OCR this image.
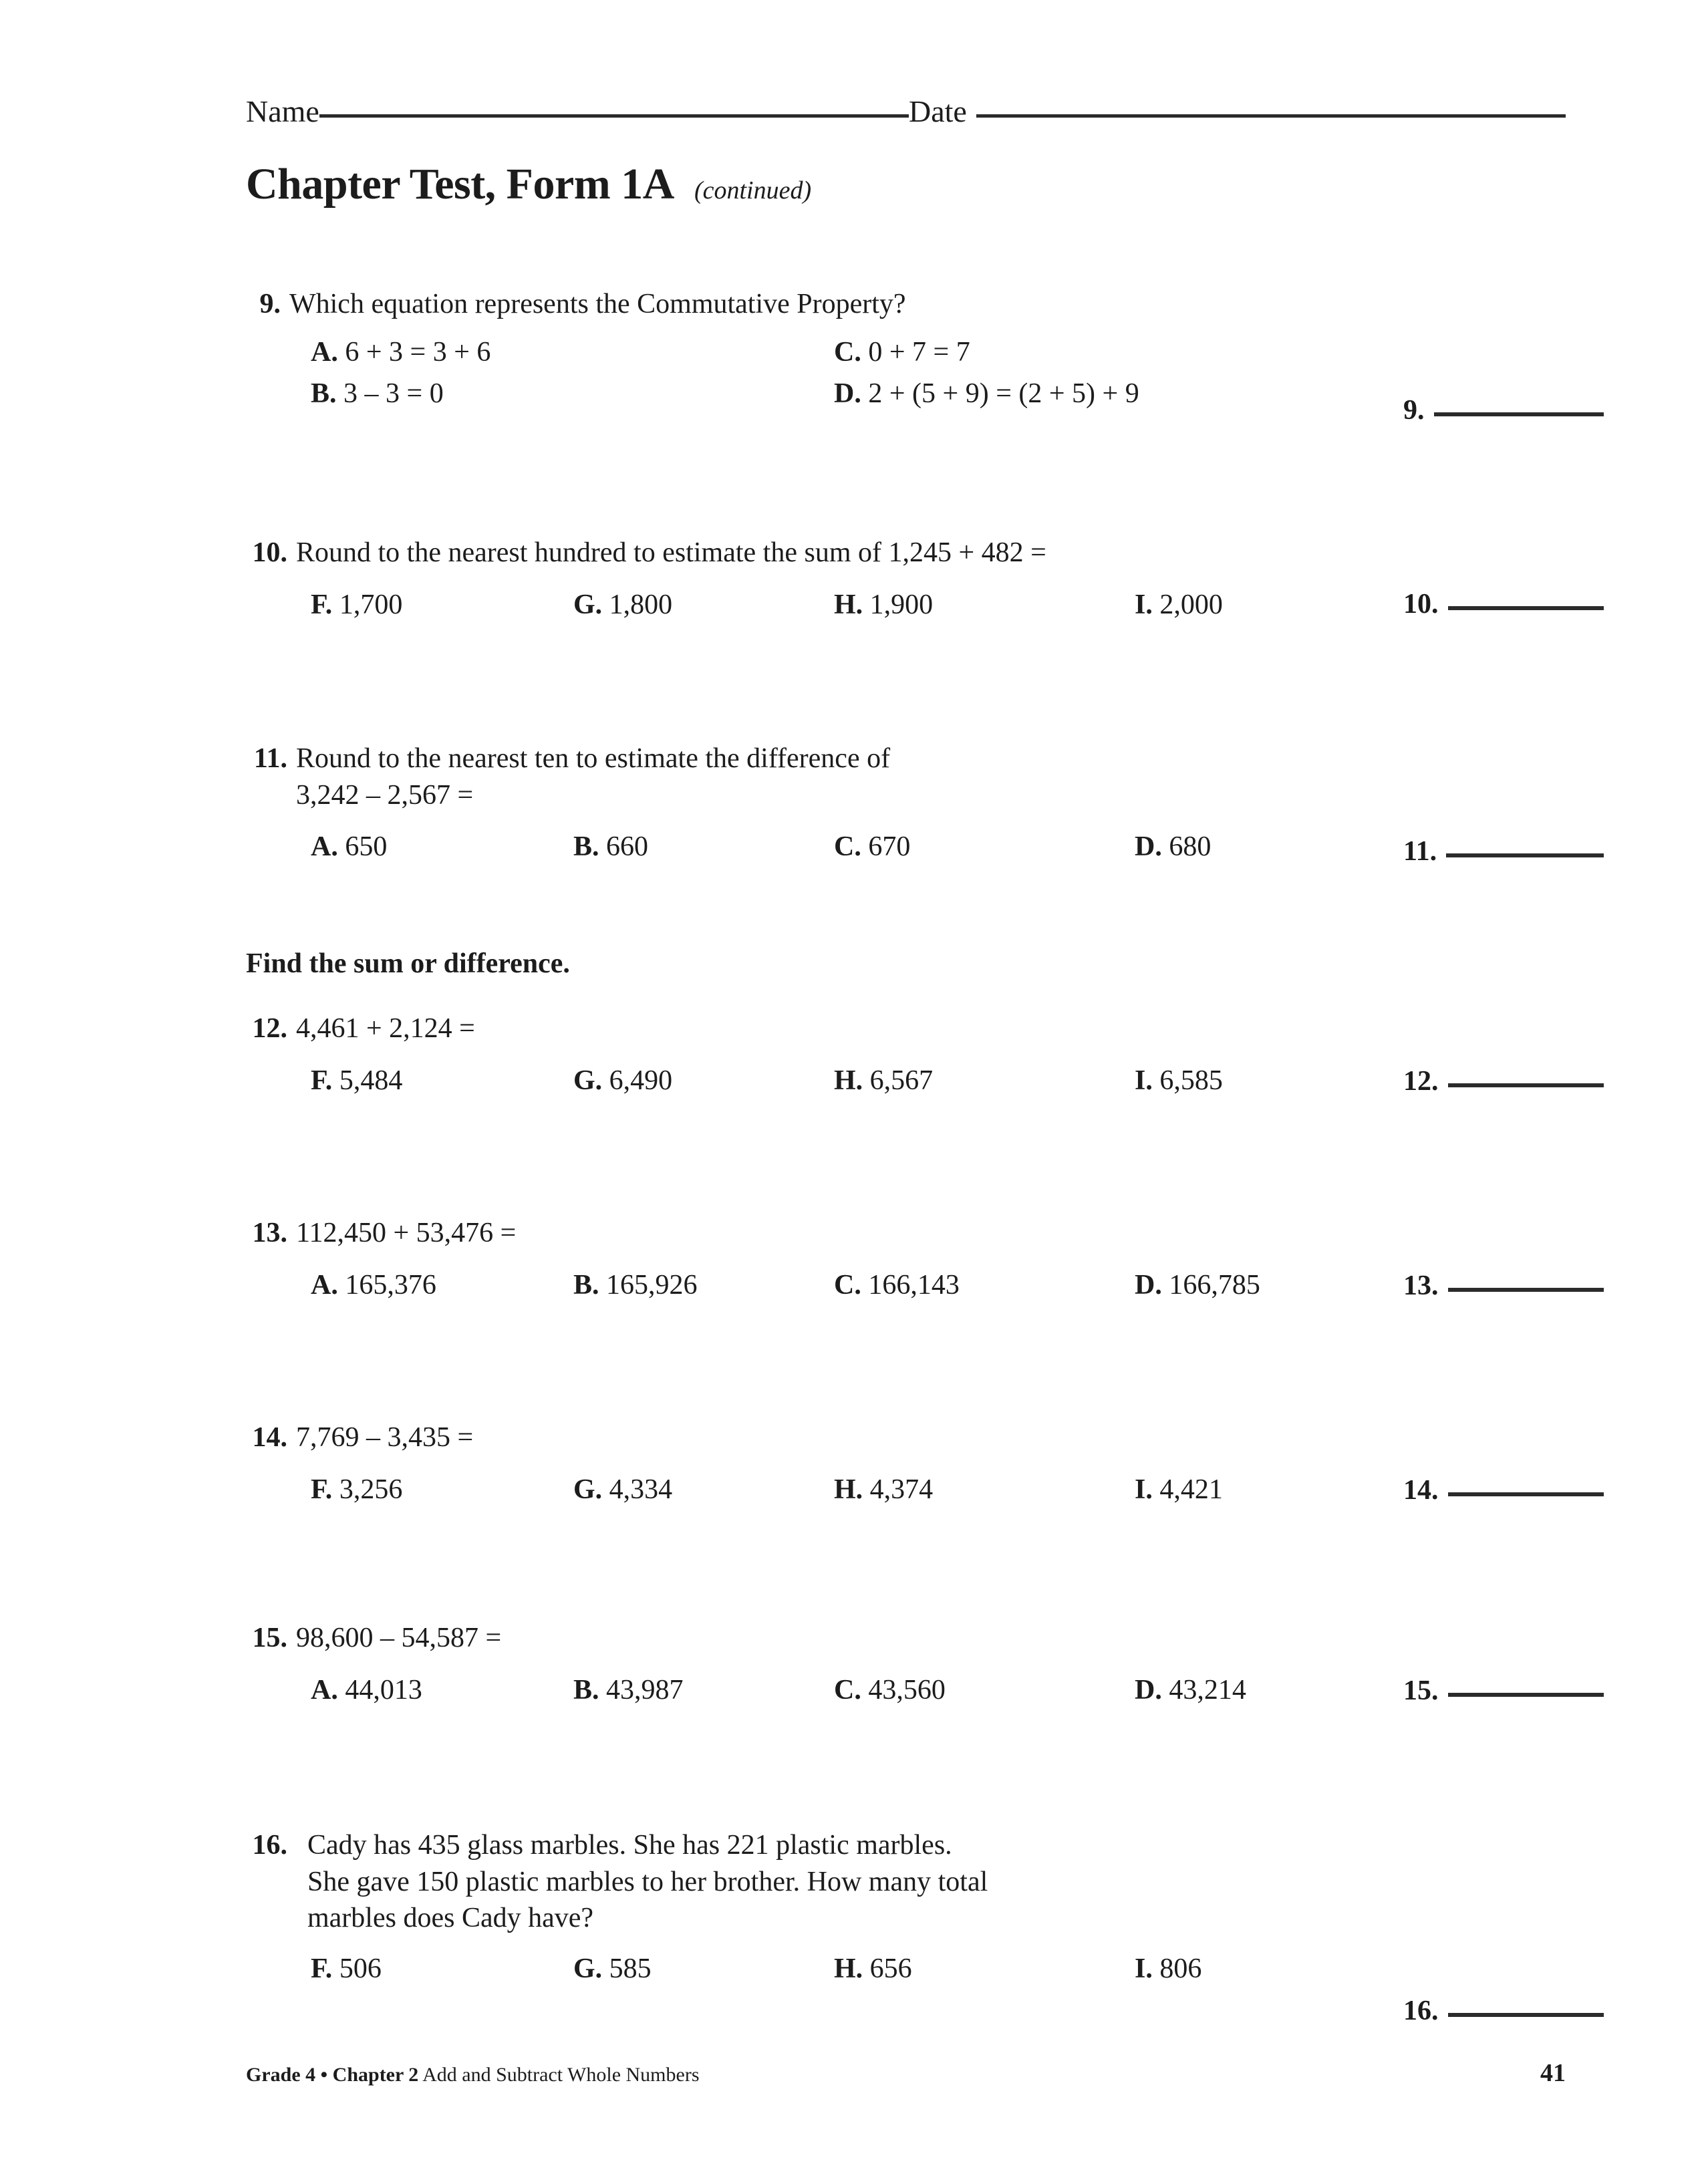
Name	Date
Chapter Test, Form 1A (continued)
9. Which equation represents the Commutative Property?
A. 6 + 3 = 3 + 6	C. 0 + 7 = 7
B. 3 – 3 = 0	D. 2 + (5 + 9) = (2 + 5) + 9
9.
10. Round to the nearest hundred to estimate the sum of 1,245 + 482 =
F. 1,700	G. 1,800	H. 1,900	I. 2,000	10.
11. Round to the nearest ten to estimate the difference of
3,242 – 2,567 =
A. 650	B. 660	C. 670	D. 680	11.
Find the sum or difference.
12. 4,461 + 2,124 =
F. 5,484	G. 6,490	H. 6,567	I. 6,585	12.
13. 112,450 + 53,476 =
A. 165,376	B. 165,926	C. 166,143	D. 166,785	13.
14. 7,769 – 3,435 =
F. 3,256	G. 4,334	H. 4,374	I. 4,421	14.
15. 98,600 – 54,587 =
A. 44,013	B. 43,987	C. 43,560	D. 43,214	15.
16. Cady has 435 glass marbles. She has 221 plastic marbles.
She gave 150 plastic marbles to her brother. How many total
marbles does Cady have?
F. 506	G. 585	H. 656	I. 806
16.
Grade 4 • Chapter 2 Add and Subtract Whole Numbers	41
